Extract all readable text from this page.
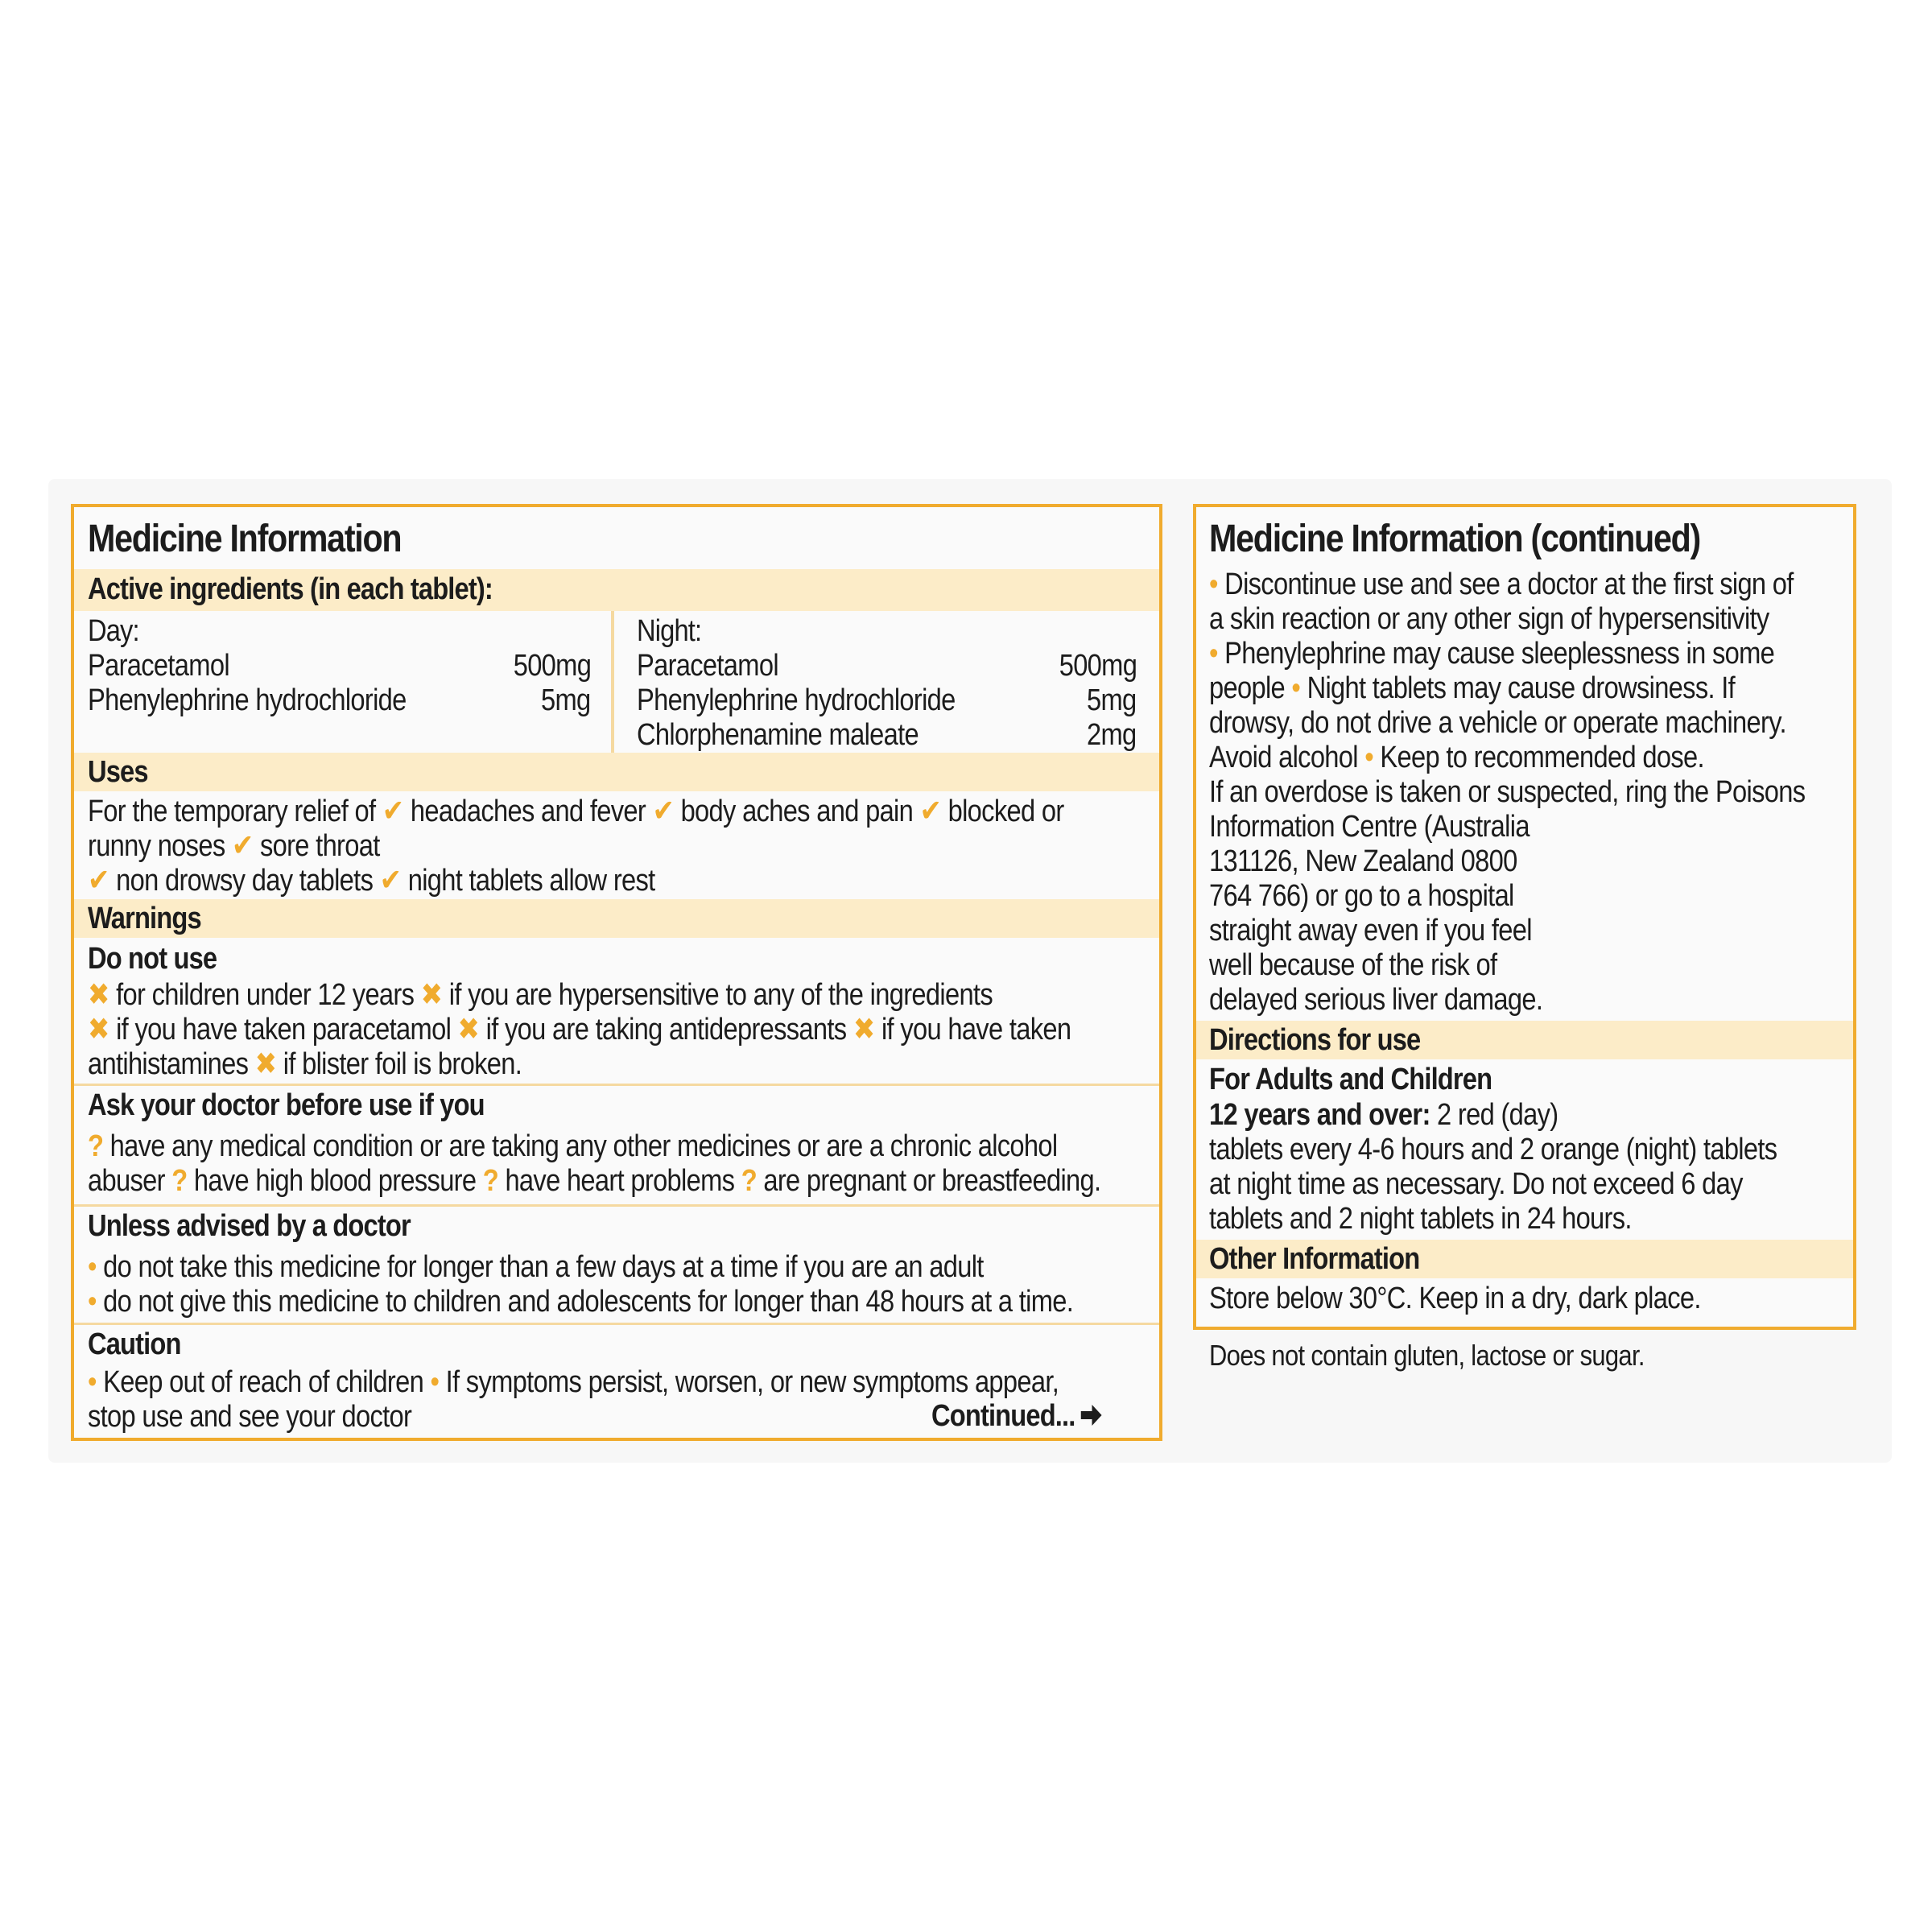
Medicine Information
Active ingredients (in each tablet):
Day:
Paracetamol	500mg
Phenylephrine hydrochloride	5mg
Night:
Paracetamol	500mg
Phenylephrine hydrochloride	5mg
Chlorphenamine maleate	2mg
Uses
For the temporary relief of ✔ headaches and fever ✔ body aches and pain ✔ blocked or
runny noses ✔ sore throat
✔ non drowsy day tablets ✔ night tablets allow rest
Warnings
Do not use
✖ for children under 12 years ✖ if you are hypersensitive to any of the ingredients
✖ if you have taken paracetamol ✖ if you are taking antidepressants ✖ if you have taken
antihistamines ✖ if blister foil is broken.
Ask your doctor before use if you
? have any medical condition or are taking any other medicines or are a chronic alcohol
abuser ? have high blood pressure ? have heart problems ? are pregnant or breastfeeding.
Unless advised by a doctor
• do not take this medicine for longer than a few days at a time if you are an adult
• do not give this medicine to children and adolescents for longer than 48 hours at a time.
Caution
• Keep out of reach of children • If symptoms persist, worsen, or new symptoms appear,
stop use and see your doctor	Continued...
Medicine Information (continued)
• Discontinue use and see a doctor at the first sign of
a skin reaction or any other sign of hypersensitivity
• Phenylephrine may cause sleeplessness in some
people • Night tablets may cause drowsiness. If
drowsy, do not drive a vehicle or operate machinery.
Avoid alcohol • Keep to recommended dose.
If an overdose is taken or suspected, ring the Poisons
Information Centre (Australia
131126, New Zealand 0800
764 766) or go to a hospital
straight away even if you feel
well because of the risk of
delayed serious liver damage.
Directions for use
For Adults and Children
12 years and over: 2 red (day)
tablets every 4-6 hours and 2 orange (night) tablets
at night time as necessary. Do not exceed 6 day
tablets and 2 night tablets in 24 hours.
Other Information
Store below 30°C. Keep in a dry, dark place.
Does not contain gluten, lactose or sugar.
